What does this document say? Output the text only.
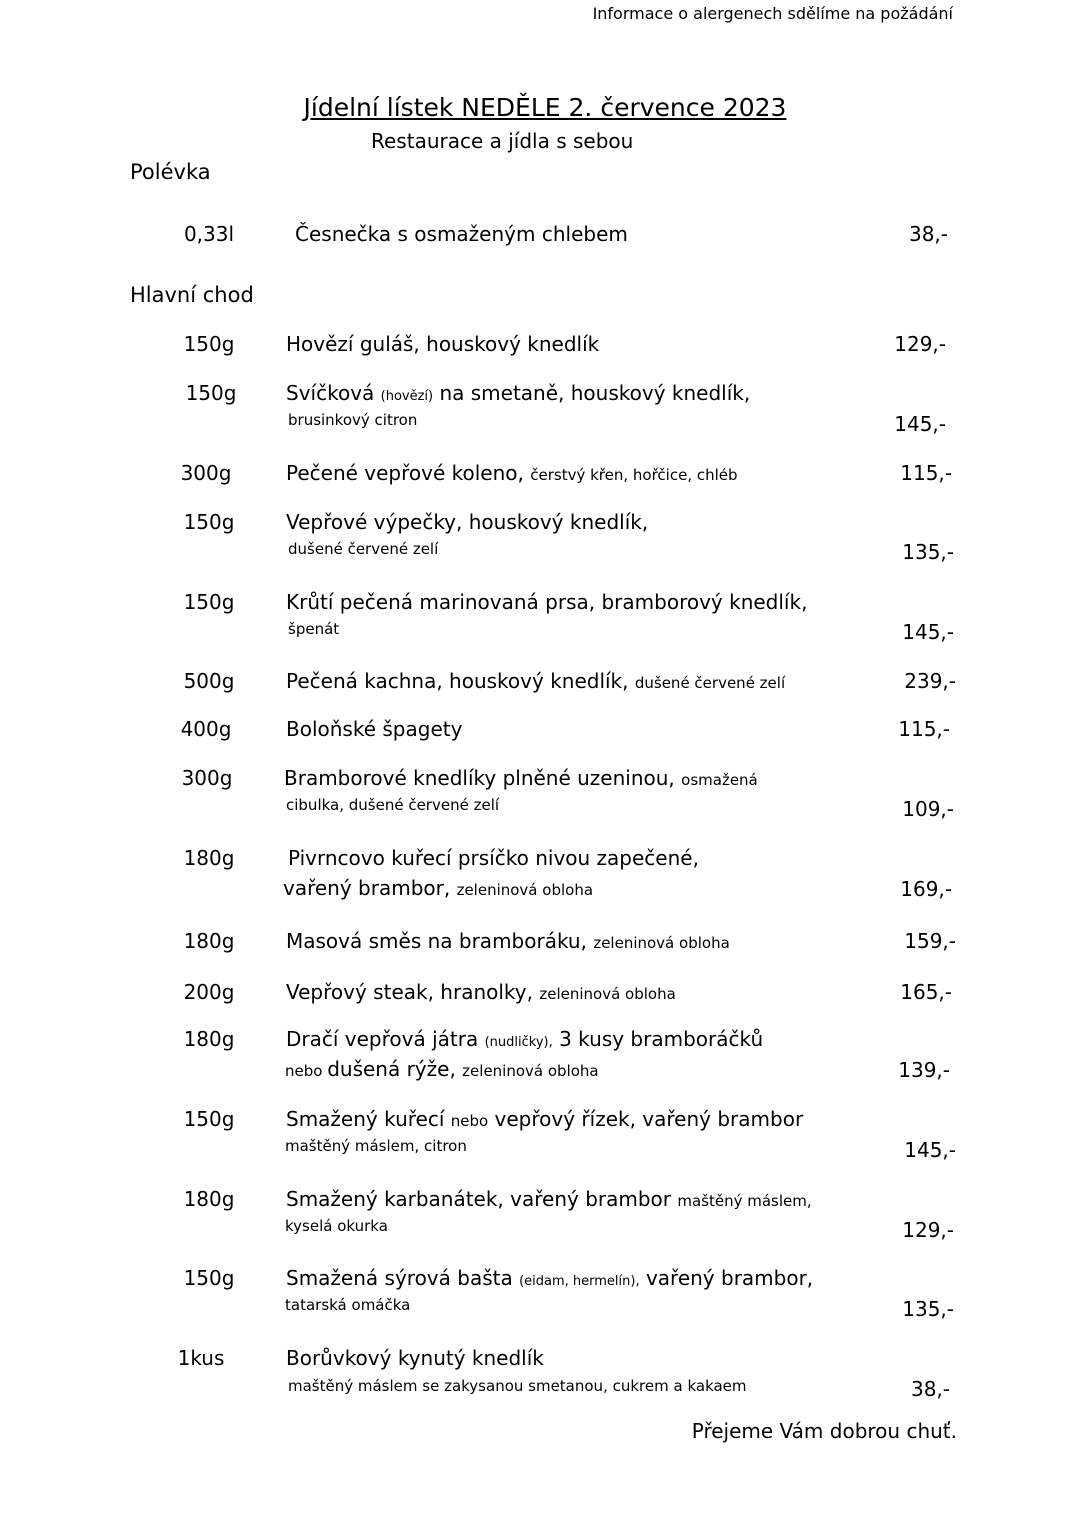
Informace o alergenech sdělíme na požádání
Jídelní lístek NEDĚLE 2. července 2023
Restaurace a jídla s sebou
Polévka
0,33l	Česnečka s osmaženým chlebem	38,-
Hlavní chod
150g	Hovězí guláš, houskový knedlík	129,-
150g Svíčková (hovězí) na smetaně, houskový knedlík,
brusinkový citron	145,-
300g	Pečené vepřové koleno, čerstvý křen, hořčice, chléb	115,-
150g	Vepřové výpečky, houskový knedlík,
dušené červené zelí	135,-
150g	Krůtí pečená marinovaná prsa, bramborový knedlík,
špenát	145,-
500g	Pečená kachna, houskový knedlík, dušené červené zelí	239,-
400g	Boloňské špagety	115,-
300g	Bramborové knedlíky plněné uzeninou, osmažená
cibulka, dušené červené zelí	109,-
180g	Pivrncovo kuřecí prsíčko nivou zapečené,
vařený brambor, zeleninová obloha	169,-
180g	Masová směs na bramboráku, zeleninová obloha	159,-
200g	Vepřový steak, hranolky, zeleninová obloha	165,-
180g	Dračí vepřová játra (nudličky), 3 kusy bramboráčků
nebo dušená rýže, zeleninová obloha	139,-
150g	Smažený kuřecí nebo vepřový řízek, vařený brambor
maštěný máslem, citron	145,-
180g	Smažený karbanátek, vařený brambor maštěný máslem,
kyselá okurka	129,-
150g	Smažená sýrová bašta (eidam, hermelín), vařený brambor,
tatarská omáčka	135,-
1kus	Borůvkový kynutý knedlík
maštěný máslem se zakysanou smetanou, cukrem a kakaem	38,-
Přejeme Vám dobrou chuť.
